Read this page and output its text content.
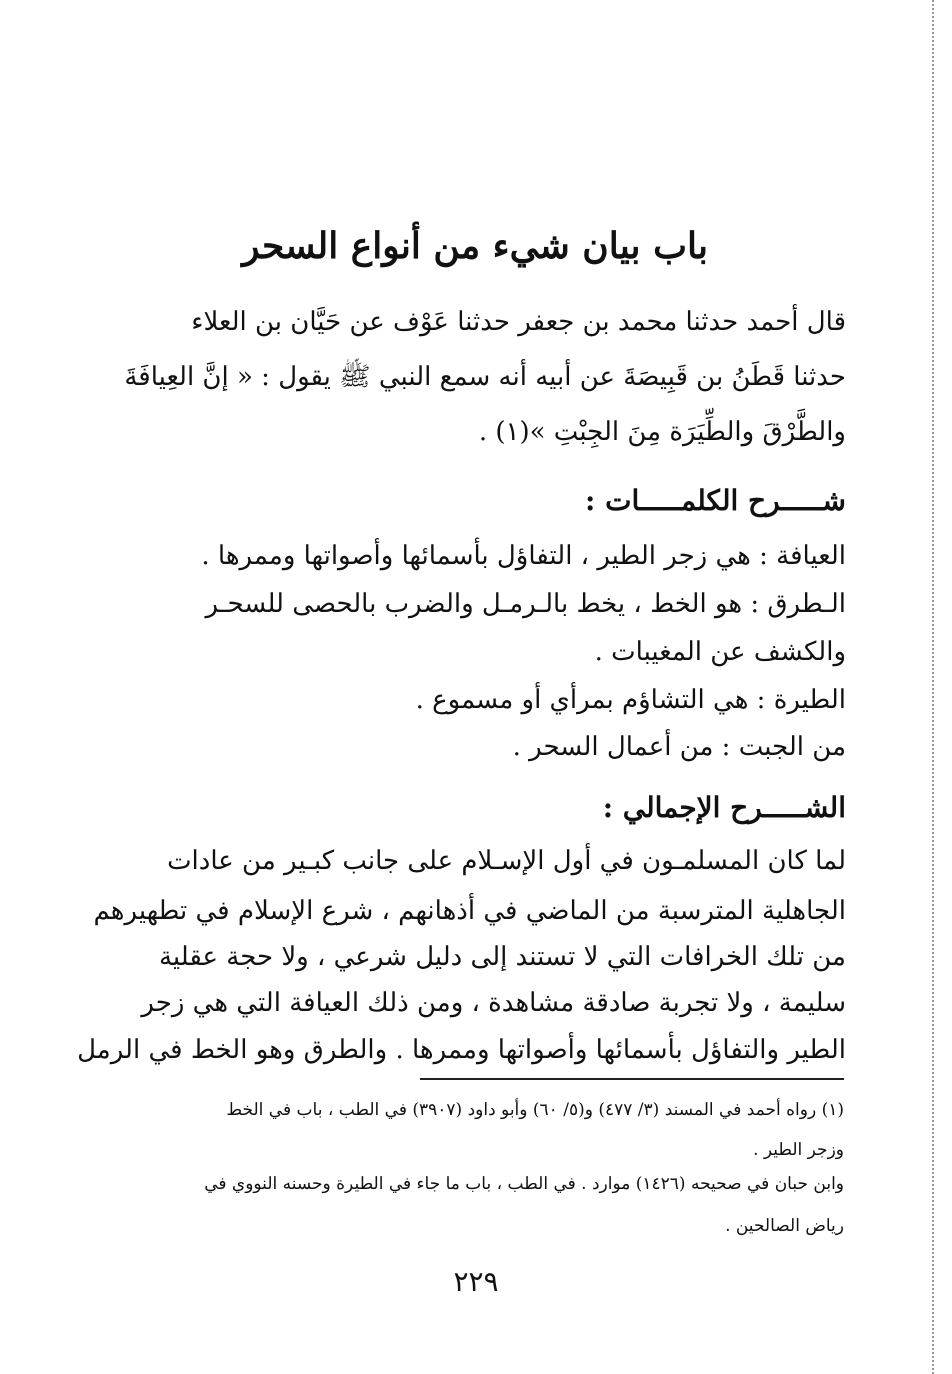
باب بيان شيء من أنواع السحر
قال أحمد حدثنا محمد بن جعفر حدثنا عَوْف عن حَيَّان بن العلاء
حدثنا قَطَنُ بن قَبِيصَةَ عن أبيه أنه سمع النبي ﷺ يقول : « إنَّ العِيافَةَ
والطَّرْقَ والطِّيَرَة مِنَ الجِبْتِ »(١) .
شـــــرح الكلمـــــات :
العيافة : هي زجر الطير ، التفاؤل بأسمائها وأصواتها وممرها .
الـطرق : هو الخط ، يخط بالـرمـل والضرب بالحصى للسحـر
والكشف عن المغيبات .
الطيرة : هي التشاؤم بمرأي أو مسموع .
من الجبت : من أعمال السحر .
الشـــــرح الإجمالي :
لما كان المسلمـون في أول الإسـلام على جانب كبـير من عادات
الجاهلية المترسبة من الماضي في أذهانهم ، شرع الإسلام في تطهيرهم
من تلك الخرافات التي لا تستند إلى دليل شرعي ، ولا حجة عقلية
سليمة ، ولا تجربة صادقة مشاهدة ، ومن ذلك العيافة التي هي زجر
الطير والتفاؤل بأسمائها وأصواتها وممرها . والطرق وهو الخط في الرمل
(١) رواه أحمد في المسند (٣/ ٤٧٧) و(٥/ ٦٠) وأبو داود (٣٩٠٧) في الطب ، باب في الخط
وزجر الطير .
وابن حبان في صحيحه (١٤٢٦) موارد . في الطب ، باب ما جاء في الطيرة وحسنه النووي في
رياض الصالحين .
٢٢٩
